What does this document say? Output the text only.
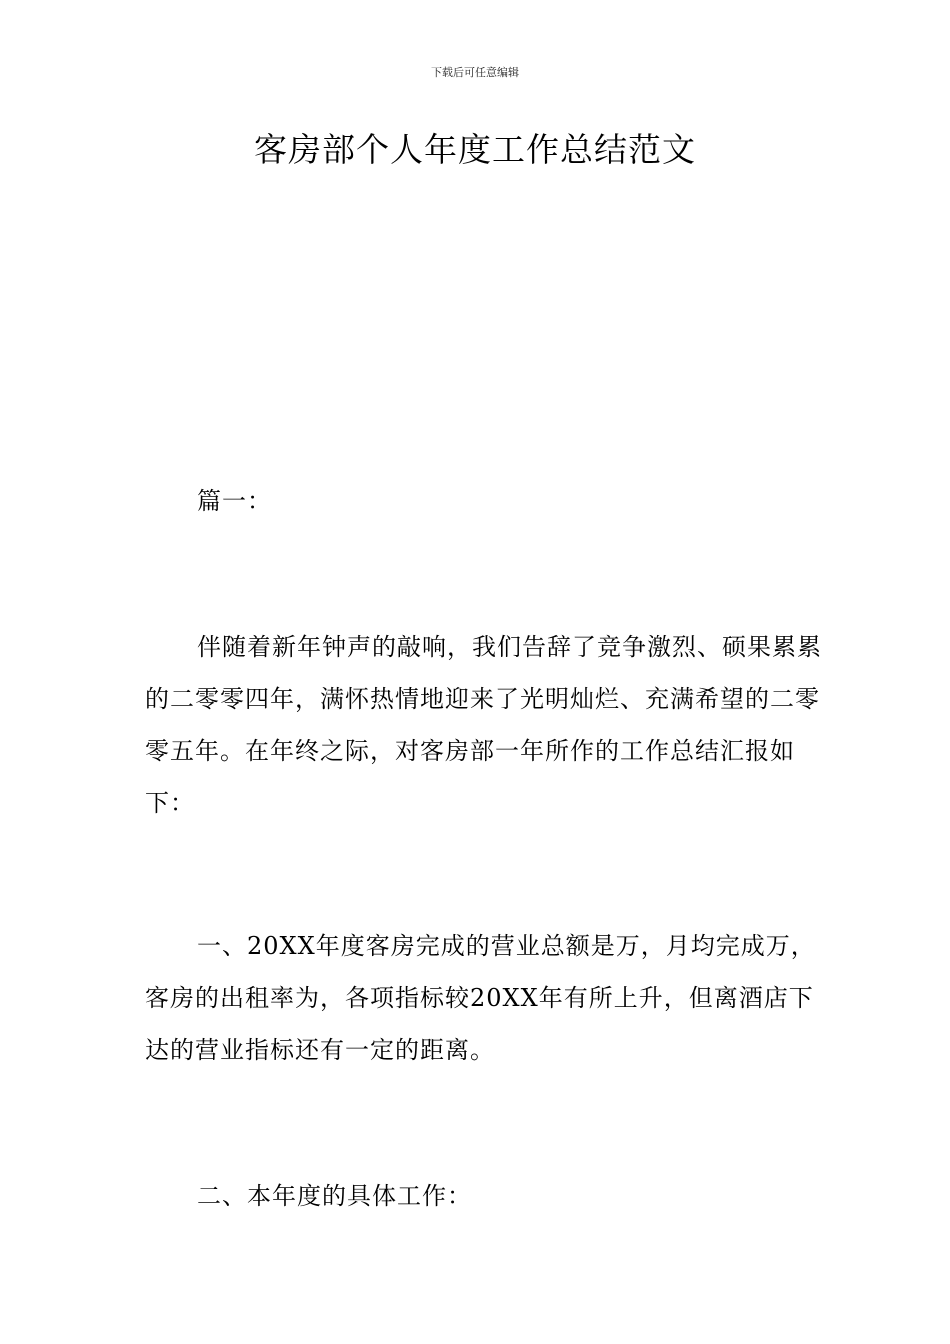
下载后可任意编辑
客房部个人年度工作总结范文

篇一：

伴随着新年钟声的敲响，我们告辞了竞争激烈、硕果累累的二零零四年，满怀热情地迎来了光明灿烂、充满希望的二零零五年。在年终之际，对客房部一年所作的工作总结汇报如下：

一、20XX年度客房完成的营业总额是万，月均完成万，客房的出租率为，各项指标较20XX年有所上升，但离酒店下达的营业指标还有一定的距离。

二、本年度的具体工作：
